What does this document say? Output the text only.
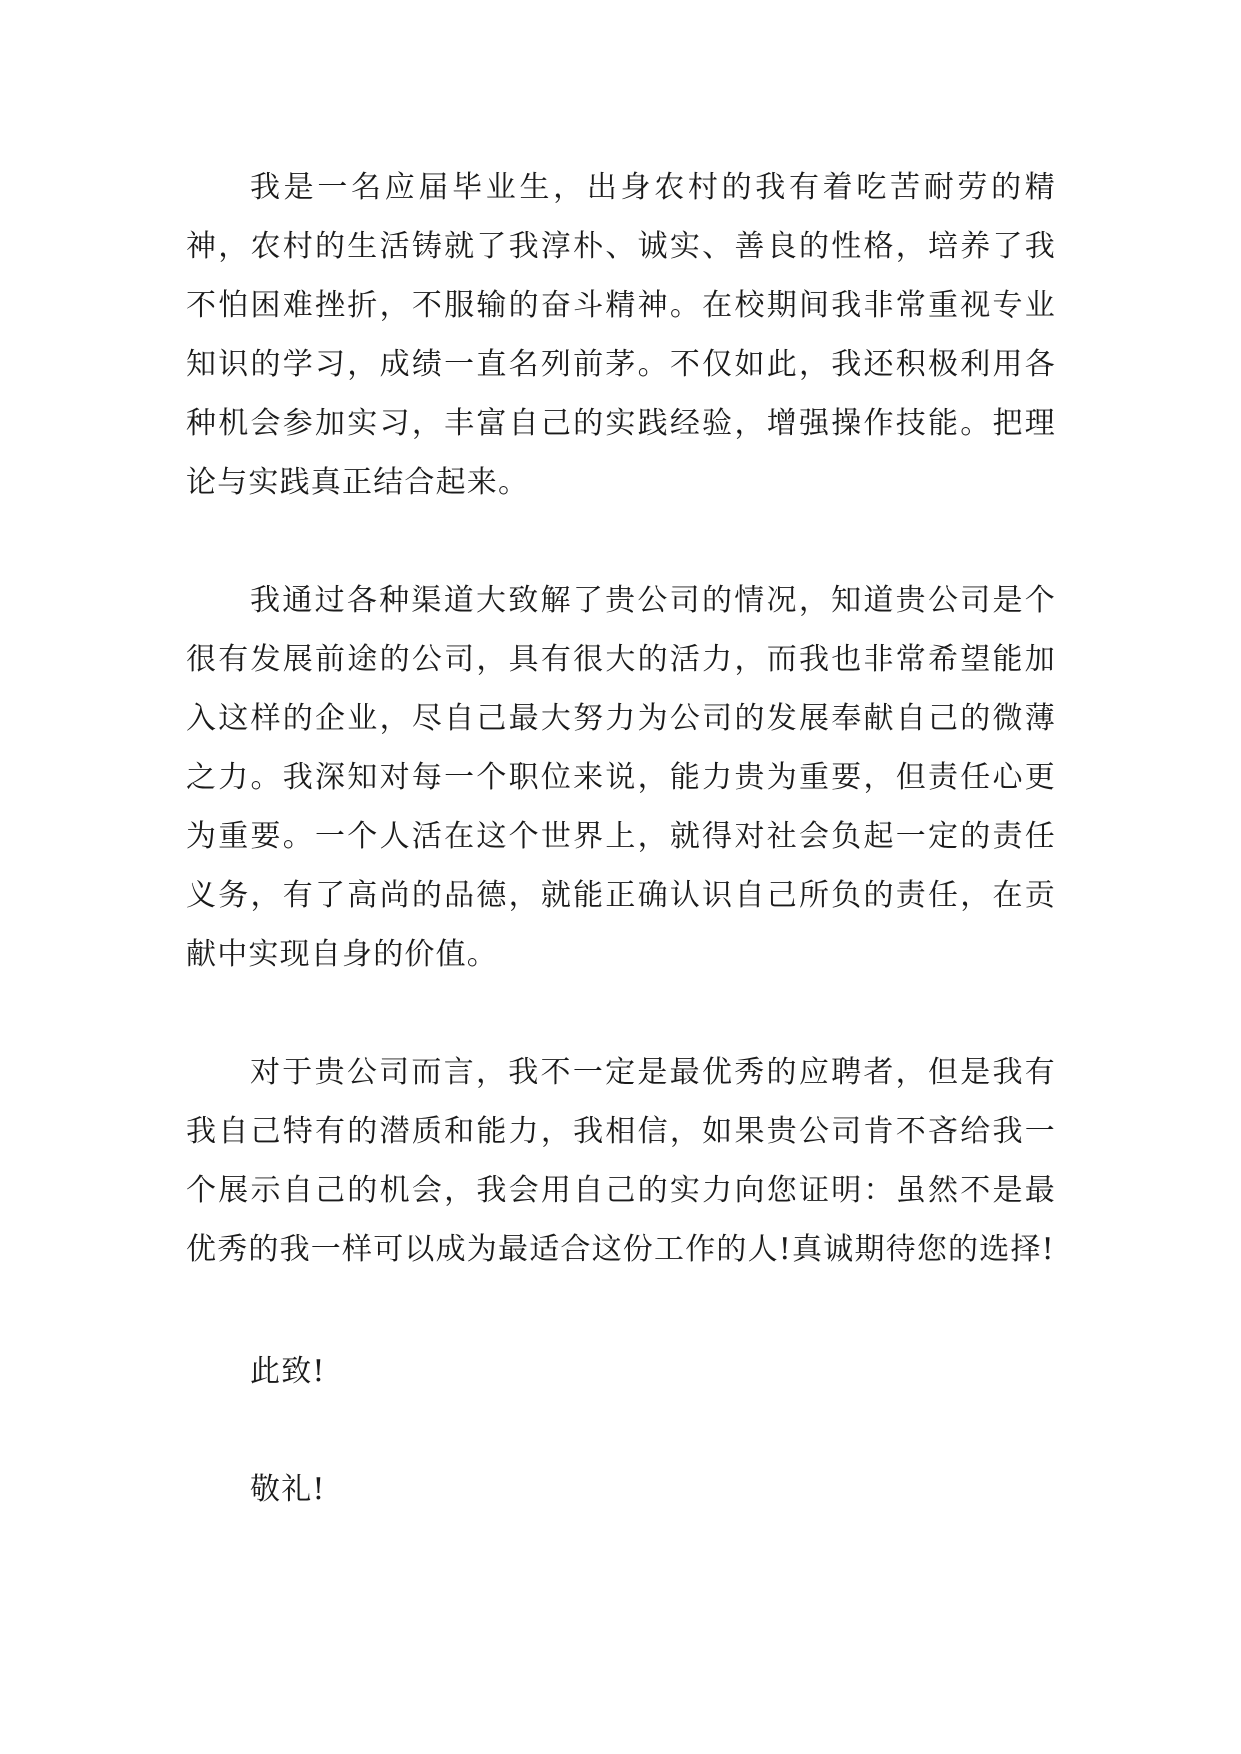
我是一名应届毕业生，出身农村的我有着吃苦耐劳的精神，农村的生活铸就了我淳朴、诚实、善良的性格，培养了我不怕困难挫折，不服输的奋斗精神。在校期间我非常重视专业知识的学习，成绩一直名列前茅。不仅如此，我还积极利用各种机会参加实习，丰富自己的实践经验，增强操作技能。把理论与实践真正结合起来。

我通过各种渠道大致解了贵公司的情况，知道贵公司是个很有发展前途的公司，具有很大的活力，而我也非常希望能加入这样的企业，尽自己最大努力为公司的发展奉献自己的微薄之力。我深知对每一个职位来说，能力贵为重要，但责任心更为重要。一个人活在这个世界上，就得对社会负起一定的责任义务，有了高尚的品德，就能正确认识自己所负的责任，在贡献中实现自身的价值。

对于贵公司而言，我不一定是最优秀的应聘者，但是我有我自己特有的潜质和能力，我相信，如果贵公司肯不吝给我一个展示自己的机会，我会用自己的实力向您证明：虽然不是最优秀的我一样可以成为最适合这份工作的人!真诚期待您的选择!

此致!

敬礼!
